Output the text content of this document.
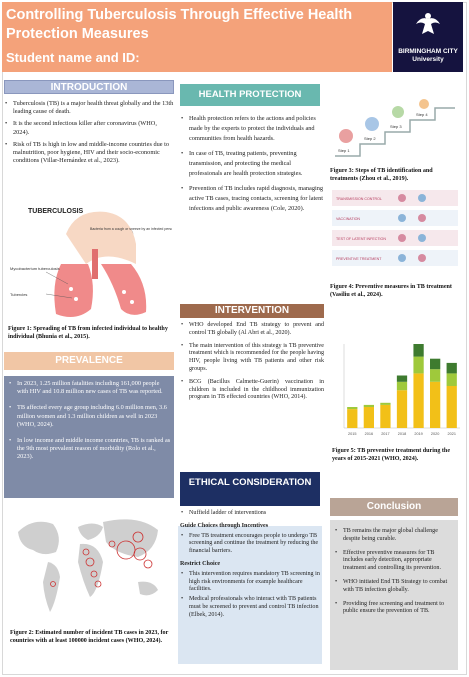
Controlling Tuberculosis Through Effective Health Protection Measures
Student name and ID:	BIRMINGHAM CITY University
INTRODUCTION
• Tuberculosis (TB) is a major health threat globally and the 13th leading cause of death.
• It is the second infectious killer after coronavirus (WHO, 2024).
• Risk of TB is high in low and middle-income countries due to malnutrition, poor hygiene, HIV and their socio-economic conditions (Villar-Hernández et al., 2023).
TUBERCULOSIS
Mycobacterium tuberculosis
Tubercles
Bacteria from a cough or sneeze by an infected person
Figure 1: Spreading of TB from infected individual to healthy individual (Bhunia et al., 2015).
PREVALENCE
• In 2023, 1.25 million fatalities including 161,000 people with HIV and 10.8 million new cases of TB was reported.
• TB affected every age group including 6.0 million men, 3.6 million women and 1.3 million children as well in 2023 (WHO, 2024).
• In low income and middle income countries, TB is ranked as the 9th most prevalent reason of morbidity (Rolo et al., 2023).
Figure 2: Estimated number of incident TB cases in 2023, for countries with at least 100000 incident cases (WHO, 2024).
HEALTH PROTECTION
• Health protection refers to the actions and policies made by the experts to protect the individuals and communities from health hazards.
• In case of TB, treating patients, preventing transmission, and protecting the medical professionals are health protection strategies.
• Prevention of TB includes rapid diagnosis, managing active TB cases, tracing contacts, screening for latent infections and public awareness (Cole, 2020).
INTERVENTION
• WHO developed End TB strategy to prevent and control TB globally (Al Abri et al., 2020).
• The main intervention of this strategy is TB preventive treatment which is recommended for the people having HIV, people living with TB patients and other risk groups.
• BCG (Bacillus Calmette-Guerin) vaccination in children is included in the childhood immunization program in TB effected countries (WHO, 2014).
ETHICAL CONSIDERATION
• Nuffield ladder of interventions
Guide Choices through Incentives
• Free TB treatment encourages people to undergo TB screening and continue the treatment by reducing the financial barriers.
Restrict Choice
• This intervention requires mandatory TB screening in high risk environments for example healthcare facilities.
• Medical professionals who interact with TB patients must be screened to prevent and control TB infection (Elbek, 2014).
Step 1
Step 2
Step 3
Step 4
Figure 3: Steps of TB identification and treatments (Zhou et al., 2019).
TRANSMISSION CONTROL
VACCINATION
TEST OF LATENT INFECTION
PREVENTIVE TREATMENT
Figure 4: Preventive measures in TB treatment (Vasiliu et al., 2024).
2015 2016 2017 2018 2019 2020 2021
Figure 5: TB preventive treatment during the years of 2015-2021 (WHO, 2024).
Conclusion
• TB remains the major global challenge despite being curable.
• Effective preventive measures for TB includes early detection, appropriate treatment and controlling its prevention.
• WHO initiated End TB Strategy to combat with TB infection globally.
• Providing free screening and treatment to public ensure the prevention of TB.
